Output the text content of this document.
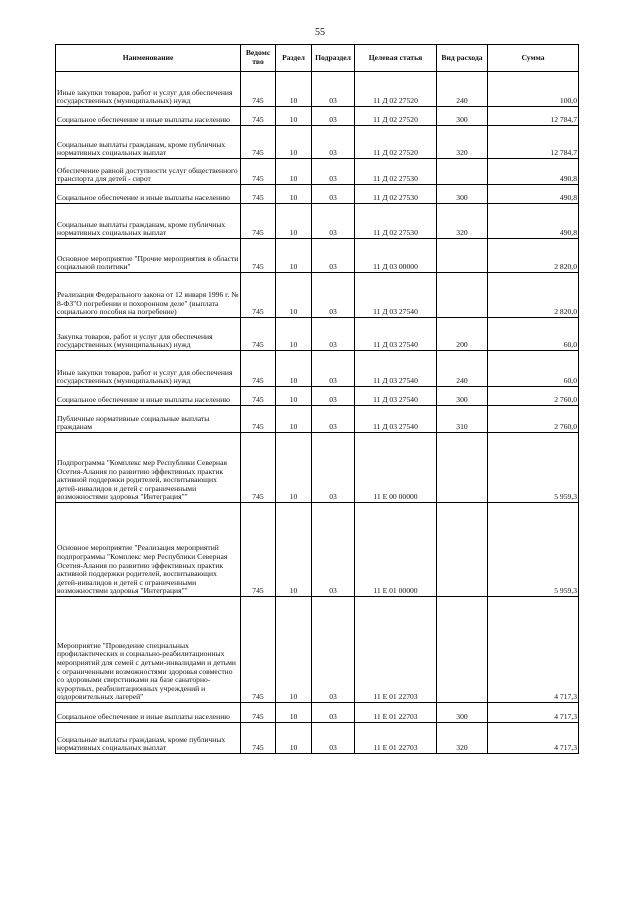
55
Наименование	Ведомс тво	Раздел	Подраздел	Целевая статья	Вид расхода	Сумма
Иные закупки товаров, работ и услуг для обеспечения государственных (муниципальных) нужд	745	10	03	11 Д 02 27520	240	100,0
Социальное обеспечение и иные выплаты населению	745	10	03	11 Д 02 27520	300	12 784,7
Социальные выплаты гражданам, кроме публичных нормативных социальных выплат	745	10	03	11 Д 02 27520	320	12 784,7
Обеспечение равной доступности услуг общественного транспорта для детей - сирот	745	10	03	11 Д 02 27530		490,8
Социальное обеспечение и иные выплаты населению	745	10	03	11 Д 02 27530	300	490,8
Социальные выплаты гражданам, кроме публичных нормативных социальных выплат	745	10	03	11 Д 02 27530	320	490,8
Основное мероприятие "Прочие мероприятия в области социальной политики"	745	10	03	11 Д 03 00000		2 820,0
Реализация Федерального закона от 12 января 1996 г. № 8-ФЗ"О погребении и похоронном деле" (выплата социального пособия на погребение)	745	10	03	11 Д 03 27540		2 820,0
Закупка товаров, работ и услуг для обеспечения государственных (муниципальных) нужд	745	10	03	11 Д 03 27540	200	60,0
Иные закупки товаров, работ и услуг для обеспечения государственных (муниципальных) нужд	745	10	03	11 Д 03 27540	240	60,0
Социальное обеспечение и иные выплаты населению	745	10	03	11 Д 03 27540	300	2 760,0
Публичные нормативные социальные выплаты гражданам	745	10	03	11 Д 03 27540	310	2 760,0
Подпрограмма "Комплекс мер Республики Северная Осетия-Алания по развитию эффективных практик активной поддержки родителей, воспитывающих детей-инвалидов и детей с ограниченными возможностями здоровья "Интеграция""	745	10	03	11 Е 00 00000		5 959,3
Основное мероприятие "Реализация мероприятий подпрограммы "Комплекс мер Республики Северная Осетия-Алания по развитию эффективных практик активной поддержки родителей, воспитывающих детей-инвалидов и детей с ограниченными возможностями здоровья "Интеграция""	745	10	03	11 Е 01 00000		5 959,3
Мероприятие "Проведение специальных профилактических и социально-реабилитационных мероприятий для семей с детьми-инвалидами и детьми с ограниченными возможностями здоровья совместно со здоровыми сверстниками на базе санаторно-курортных, реабилитационных учреждений и оздоровительных лагерей"	745	10	03	11 Е 01 22703		4 717,3
Социальное обеспечение и иные выплаты населению	745	10	03	11 Е 01 22703	300	4 717,3
Социальные выплаты гражданам, кроме публичных нормативных социальных выплат	745	10	03	11 Е 01 22703	320	4 717,3
